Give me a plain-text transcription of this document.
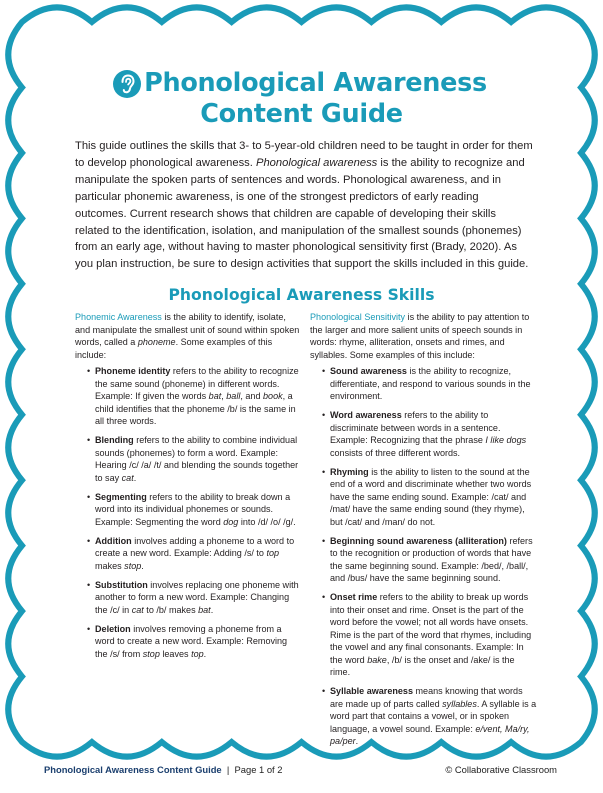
Phonological Awareness
Content Guide
This guide outlines the skills that 3- to 5-year-old children need to be taught in order for them to develop phonological awareness. Phonological awareness is the ability to recognize and manipulate the spoken parts of sentences and words. Phonological awareness, and in particular phonemic awareness, is one of the strongest predictors of early reading outcomes. Current research shows that children are capable of developing their skills related to the identification, isolation, and manipulation of the smallest sounds (phonemes) from an early age, without having to master phonological sensitivity first (Brady, 2020). As you plan instruction, be sure to design activities that support the skills included in this guide.
Phonological Awareness Skills

Phonemic Awareness is the ability to identify, isolate, and manipulate the smallest unit of sound within spoken words, called a phoneme. Some examples of this include:

• Phoneme identity refers to the ability to recognize the same sound (phoneme) in different words. Example: If given the words bat, ball, and book, a child identifies that the phoneme /b/ is the same in all three words.
• Blending refers to the ability to combine individual sounds (phonemes) to form a word. Example: Hearing /c/ /a/ /t/ and blending the sounds together to say cat.
• Segmenting refers to the ability to break down a word into its individual phonemes or sounds. Example: Segmenting the word dog into /d/ /o/ /g/.
• Addition involves adding a phoneme to a word to create a new word. Example: Adding /s/ to top makes stop.
• Substitution involves replacing one phoneme with another to form a new word. Example: Changing the /c/ in cat to /b/ makes bat.
• Deletion involves removing a phoneme from a word to create a new word. Example: Removing the /s/ from stop leaves top.

Phonological Sensitivity is the ability to pay attention to the larger and more salient units of speech sounds in words: rhyme, alliteration, onsets and rimes, and syllables. Some examples of this include:

• Sound awareness is the ability to recognize, differentiate, and respond to various sounds in the environment.
• Word awareness refers to the ability to discriminate between words in a sentence. Example: Recognizing that the phrase I like dogs consists of three different words.
• Rhyming is the ability to listen to the sound at the end of a word and discriminate whether two words have the same ending sound. Example: /cat/ and /mat/ have the same ending sound (they rhyme), but /cat/ and /man/ do not.
• Beginning sound awareness (alliteration) refers to the recognition or production of words that have the same beginning sound. Example: /bed/, /ball/, and /bus/ have the same beginning sound.
• Onset rime refers to the ability to break up words into their onset and rime. Onset is the part of the word before the vowel; not all words have onsets. Rime is the part of the word that rhymes, including the vowel and any final consonants. Example: In the word bake, /b/ is the onset and /ake/ is the rime.
• Syllable awareness means knowing that words are made up of parts called syllables. A syllable is a word part that contains a vowel, or in spoken language, a vowel sound. Example: e/vent, Ma/ry, pa/per.
Phonological Awareness Content Guide | Page 1 of 2	© Collaborative Classroom
